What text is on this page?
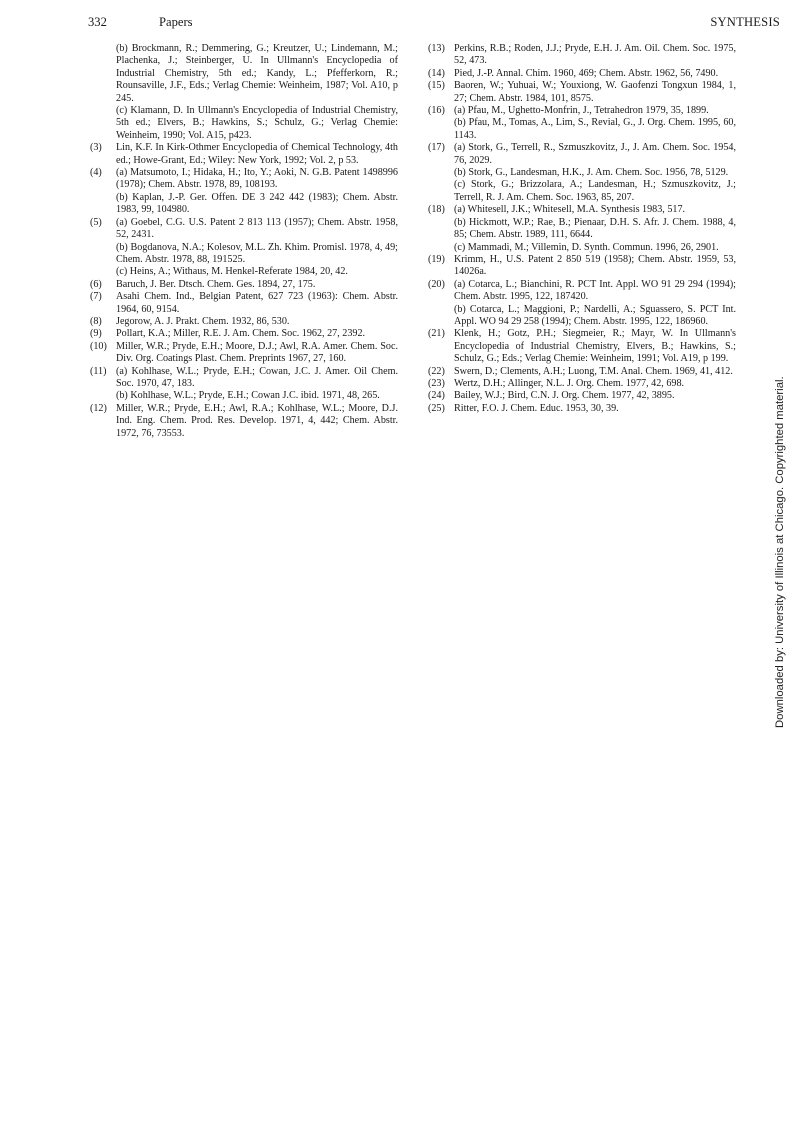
332	Papers	SYNTHESIS
(b) Brockmann, R.; Demmering, G.; Kreutzer, U.; Lindemann, M.; Plachenka, J.; Steinberger, U. In Ullmann's Encyclopedia of Industrial Chemistry, 5th ed.; Kandy, L.; Pfefferkorn, R.; Rounsaville, J.F., Eds.; Verlag Chemie: Weinheim, 1987; Vol. A10, p 245.
(c) Klamann, D. In Ullmann's Encyclopedia of Industrial Chemistry, 5th ed.; Elvers, B.; Hawkins, S.; Schulz, G.; Verlag Chemie: Weinheim, 1990; Vol. A15, p423.
(3)	Lin, K.F. In Kirk-Othmer Encyclopedia of Chemical Technology, 4th ed.; Howe-Grant, Ed.; Wiley: New York, 1992; Vol. 2, p 53.
(4)	(a) Matsumoto, I.; Hidaka, H.; Ito, Y.; Aoki, N. G.B. Patent 1498996 (1978); Chem. Abstr. 1978, 89, 108193.
(b) Kaplan, J.-P. Ger. Offen. DE 3 242 442 (1983); Chem. Abstr. 1983, 99, 104980.
(5)	(a) Goebel, C.G. U.S. Patent 2 813 113 (1957); Chem. Abstr. 1958, 52, 2431.
(b) Bogdanova, N.A.; Kolesov, M.L. Zh. Khim. Promisl. 1978, 4, 49; Chem. Abstr. 1978, 88, 191525.
(c) Heins, A.; Withaus, M. Henkel-Referate 1984, 20, 42.
(6)	Baruch, J. Ber. Dtsch. Chem. Ges. 1894, 27, 175.
(7)	Asahi Chem. Ind., Belgian Patent, 627 723 (1963): Chem. Abstr. 1964, 60, 9154.
(8)	Jegorow, A. J. Prakt. Chem. 1932, 86, 530.
(9)	Pollart, K.A.; Miller, R.E. J. Am. Chem. Soc. 1962, 27, 2392.
(10) Miller, W.R.; Pryde, E.H.; Moore, D.J.; Awl, R.A. Amer. Chem. Soc. Div. Org. Coatings Plast. Chem. Preprints 1967, 27, 160.
(11) (a) Kohlhase, W.L.; Pryde, E.H.; Cowan, J.C. J. Amer. Oil Chem. Soc. 1970, 47, 183.
(b) Kohlhase, W.L.; Pryde, E.H.; Cowan J.C. ibid. 1971, 48, 265.
(12) Miller, W.R.; Pryde, E.H.; Awl, R.A.; Kohlhase, W.L.; Moore, D.J. Ind. Eng. Chem. Prod. Res. Develop. 1971, 4, 442; Chem. Abstr. 1972, 76, 73553.
(13) Perkins, R.B.; Roden, J.J.; Pryde, E.H. J. Am. Oil. Chem. Soc. 1975, 52, 473.
(14) Pied, J.-P. Annal. Chim. 1960, 469; Chem. Abstr. 1962, 56, 7490.
(15) Baoren, W.; Yuhuai, W.; Youxiong, W. Gaofenzi Tongxun 1984, 1, 27; Chem. Abstr. 1984, 101, 8575.
(16) (a) Pfau, M., Ughetto-Monfrin, J., Tetrahedron 1979, 35, 1899.
(b) Pfau, M., Tomas, A., Lim, S., Revial, G., J. Org. Chem. 1995, 60, 1143.
(17) (a) Stork, G., Terrell, R., Szmuszkovitz, J., J. Am. Chem. Soc. 1954, 76, 2029.
(b) Stork, G., Landesman, H.K., J. Am. Chem. Soc. 1956, 78, 5129.
(c) Stork, G.; Brizzolara, A.; Landesman, H.; Szmuszkovitz, J.; Terrell, R. J. Am. Chem. Soc. 1963, 85, 207.
(18) (a) Whitesell, J.K.; Whitesell, M.A. Synthesis 1983, 517.
(b) Hickmott, W.P.; Rae, B.; Pienaar, D.H. S. Afr. J. Chem. 1988, 4, 85; Chem. Abstr. 1989, 111, 6644.
(c) Mammadi, M.; Villemin, D. Synth. Commun. 1996, 26, 2901.
(19) Krimm, H., U.S. Patent 2 850 519 (1958); Chem. Abstr. 1959, 53, 14026a.
(20) (a) Cotarca, L.; Bianchini, R. PCT Int. Appl. WO 91 29 294 (1994); Chem. Abstr. 1995, 122, 187420.
(b) Cotarca, L.; Maggioni, P.; Nardelli, A.; Sguassero, S. PCT Int. Appl. WO 94 29 258 (1994); Chem. Abstr. 1995, 122, 186960.
(21) Klenk, H.; Gotz, P.H.; Siegmeier, R.; Mayr, W. In Ullmann's Encyclopedia of Industrial Chemistry, Elvers, B.; Hawkins, S.; Schulz, G.; Eds.; Verlag Chemie: Weinheim, 1991; Vol. A19, p 199.
(22) Swern, D.; Clements, A.H.; Luong, T.M. Anal. Chem. 1969, 41, 412.
(23) Wertz, D.H.; Allinger, N.L. J. Org. Chem. 1977, 42, 698.
(24) Bailey, W.J.; Bird, C.N. J. Org. Chem. 1977, 42, 3895.
(25) Ritter, F.O. J. Chem. Educ. 1953, 30, 39.	Downloaded by: University of Illinois at Chicago. Copyrighted material.
